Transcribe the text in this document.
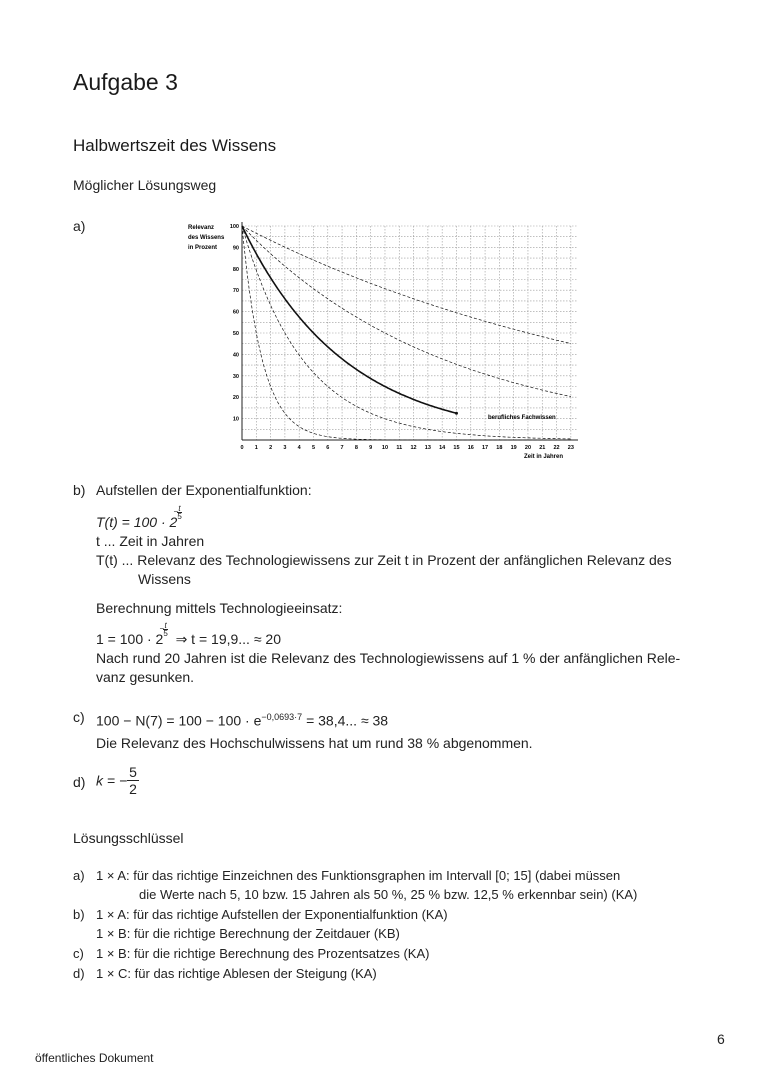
Aufgabe 3
Halbwertszeit des Wissens
Möglicher Lösungsweg
a)
0 1 2 3 4 5 6 7 8 9 10 11 12 13 14 15 16 17 18 19 20 21 22 23
10
20
30
40
50
60
70
80
90
100
Relevanz
des Wissens
in Prozent
Zeit in Jahren
berufliches Fachwissen
b) Aufstellen der Exponentialfunktion:
T(t) = 100 · 2
− t
5
t ... Zeit in Jahren
T(t) ... Relevanz des Technologiewissens zur Zeit t in Prozent der anfänglichen Relevanz des
Wissens
Berechnung mittels Technologieeinsatz:
1 = 100 · 2
− t
5 ⇒ t = 19,9... ≈ 20
Nach rund 20 Jahren ist die Relevanz des Technologiewissens auf 1 % der anfänglichen Rele-
vanz gesunken.
c) $100 - N(7) = 100 - 100 \cdot e^{-0,0693\cdot 7} = 38,4$... ≈ 38
Die Relevanz des Hochschulwissens hat um rund 38 % abgenommen.
d) k = − $\frac{5}{2}$
Lösungsschlüssel
a) 1 × A: für das richtige Einzeichnen des Funktionsgraphen im Intervall [0; 15] (dabei müssen
die Werte nach 5, 10 bzw. 15 Jahren als 50 %, 25 % bzw. 12,5 % erkennbar sein) (KA)
b) 1 × A: für das richtige Aufstellen der Exponentialfunktion (KA)
1 × B: für die richtige Berechnung der Zeitdauer (KB)
c) 1 × B: für die richtige Berechnung des Prozentsatzes (KA)
d) 1 × C: für das richtige Ablesen der Steigung (KA)
6
öffentliches Dokument
